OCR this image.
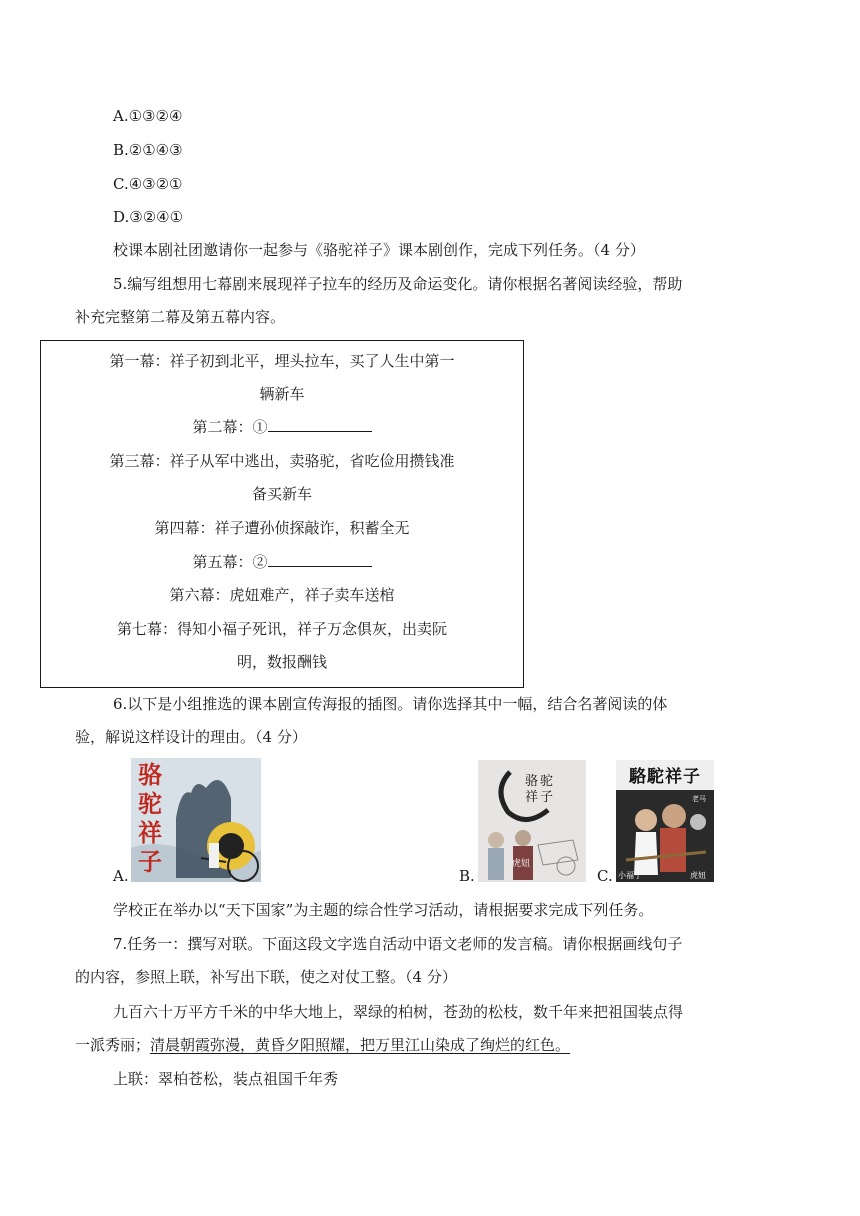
A.①③②④
B.②①④③
C.④③②①
D.③②④①
校课本剧社团邀请你一起参与《骆驼祥子》课本剧创作，完成下列任务。（4 分）
5.编写组想用七幕剧来展现祥子拉车的经历及命运变化。请你根据名著阅读经验，帮助
补充完整第二幕及第五幕内容。
第一幕：祥子初到北平，埋头拉车，买了人生中第一
辆新车
第二幕：①
第三幕：祥子从军中逃出，卖骆驼，省吃俭用攒钱准
备买新车
第四幕：祥子遭孙侦探敲诈，积蓄全无
第五幕：②
第六幕：虎妞难产，祥子卖车送棺
第七幕：得知小福子死讯，祥子万念俱灰，出卖阮
明，数报酬钱
6.以下是小组推选的课本剧宣传海报的插图。请你选择其中一幅，结合名著阅读的体
验，解说这样设计的理由。（4 分）
A.
骆
驼
祥
子	B.
骆驼祥子
虎妞
C.
駱駝祥子
老马
小福子	虎妞
学校正在举办以“天下国家”为主题的综合性学习活动，请根据要求完成下列任务。
7.任务一：撰写对联。下面这段文字选自活动中语文老师的发言稿。请你根据画线句子
的内容，参照上联，补写出下联，使之对仗工整。（4 分）
九百六十万平方千米的中华大地上，翠绿的柏树，苍劲的松枝，数千年来把祖国装点得
一派秀丽；清晨朝霞弥漫，黄昏夕阳照耀，把万里江山染成了绚烂的红色。
上联：翠柏苍松，装点祖国千年秀
